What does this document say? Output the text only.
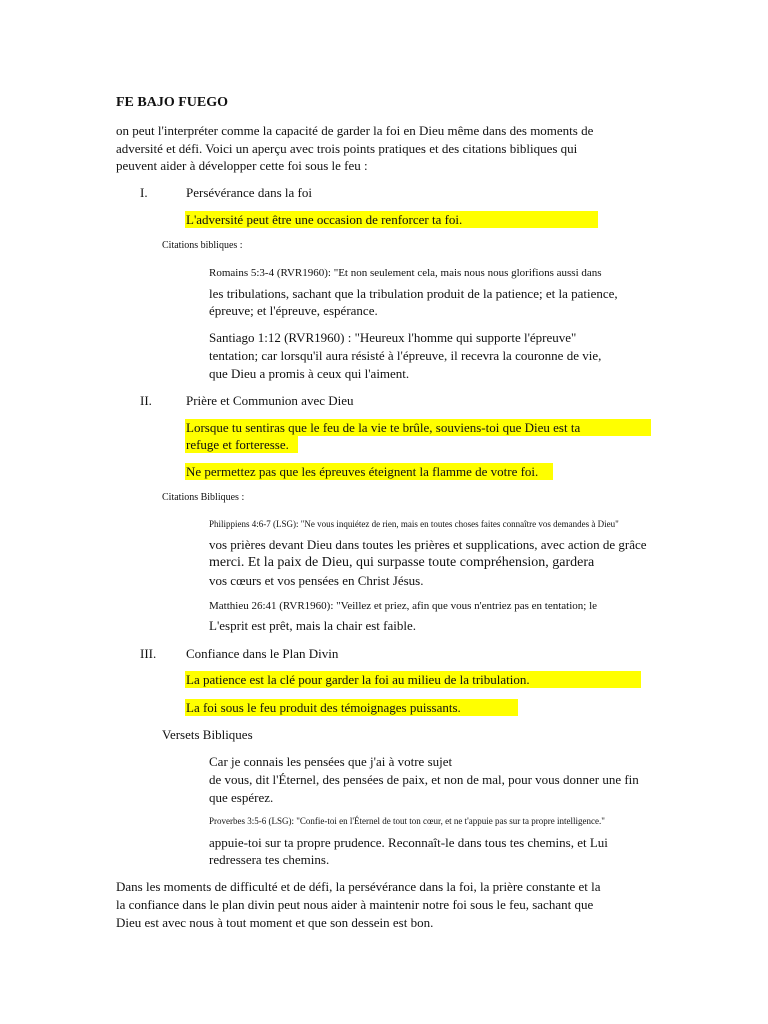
FE BAJO FUEGO
on peut l'interpréter comme la capacité de garder la foi en Dieu même dans des moments de
adversité et défi. Voici un aperçu avec trois points pratiques et des citations bibliques qui
peuvent aider à développer cette foi sous le feu :
I.	Persévérance dans la foi
L'adversité peut être une occasion de renforcer ta foi.
Citations bibliques :
Romains 5:3-4 (RVR1960): "Et non seulement cela, mais nous nous glorifions aussi dans
les tribulations, sachant que la tribulation produit de la patience; et la patience,
épreuve; et l'épreuve, espérance.
Santiago 1:12 (RVR1960) : "Heureux l'homme qui supporte l'épreuve"
tentation; car lorsqu'il aura résisté à l'épreuve, il recevra la couronne de vie,
que Dieu a promis à ceux qui l'aiment.
II.	Prière et Communion avec Dieu
Lorsque tu sentiras que le feu de la vie te brûle, souviens-toi que Dieu est ta
refuge et forteresse.
Ne permettez pas que les épreuves éteignent la flamme de votre foi.
Citations Bibliques :
Philippiens 4:6-7 (LSG): "Ne vous inquiétez de rien, mais en toutes choses faites connaître vos demandes à Dieu"
vos prières devant Dieu dans toutes les prières et supplications, avec action de grâce
merci. Et la paix de Dieu, qui surpasse toute compréhension, gardera
vos cœurs et vos pensées en Christ Jésus.
Matthieu 26:41 (RVR1960): "Veillez et priez, afin que vous n'entriez pas en tentation; le
L'esprit est prêt, mais la chair est faible.
III. Confiance dans le Plan Divin
La patience est la clé pour garder la foi au milieu de la tribulation.
La foi sous le feu produit des témoignages puissants.
Versets Bibliques
Car je connais les pensées que j'ai à votre sujet
de vous, dit l'Éternel, des pensées de paix, et non de mal, pour vous donner une fin
que espérez.
Proverbes 3:5-6 (LSG): "Confie-toi en l'Éternel de tout ton cœur, et ne t'appuie pas sur ta propre intelligence."
appuie-toi sur ta propre prudence. Reconnaît-le dans tous tes chemins, et Lui
redressera tes chemins.
Dans les moments de difficulté et de défi, la persévérance dans la foi, la prière constante et la
la confiance dans le plan divin peut nous aider à maintenir notre foi sous le feu, sachant que
Dieu est avec nous à tout moment et que son dessein est bon.
